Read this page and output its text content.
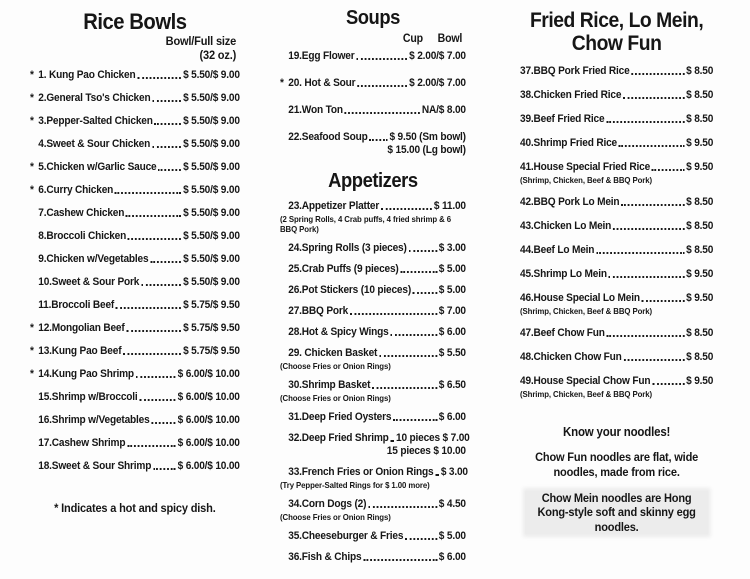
Rice Bowls
Bowl/Full size
(32 oz.)
* 1. Kung Pao Chicken	$ 5.50/$ 9.00
* 2.General Tso's Chicken	$ 5.50/$ 9.00
* 3.Pepper-Salted Chicken	$ 5.50/$ 9.00
4.Sweet & Sour Chicken	$ 5.50/$ 9.00
* 5.Chicken w/Garlic Sauce $ 5.50/$ 9.00
* 6.Curry Chicken	$ 5.50/$ 9.00
7.Cashew Chicken	$ 5.50/$ 9.00
8.Broccoli Chicken	$ 5.50/$ 9.00
9.Chicken w/Vegetables	$ 5.50/$ 9.00
10.Sweet & Sour Pork	$ 5.50/$ 9.00
11.Broccoli Beef	$ 5.75/$ 9.50
* 12.Mongolian Beef	$ 5.75/$ 9.50
* 13.Kung Pao Beef	$ 5.75/$ 9.50
* 14.Kung Pao Shrimp	$ 6.00/$ 10.00
15.Shrimp w/Broccoli	$ 6.00/$ 10.00
16.Shrimp w/Vegetables	$ 6.00/$ 10.00
17.Cashew Shrimp	$ 6.00/$ 10.00
18.Sweet & Sour Shrimp $ 6.00/$ 10.00
* Indicates a hot and spicy dish.
Soups
Cup Bowl
19.Egg Flower	$ 2.00/$ 7.00
* 20. Hot & Sour	$ 2.00/$ 7.00
21.Won Ton	NA/$ 8.00
22.Seafood Soup $ 9.50 (Sm bowl)
$ 15.00 (Lg bowl)
Appetizers
23.Appetizer Platter	$ 11.00
(2 Spring Rolls, 4 Crab puffs, 4 fried shrimp & 6 BBQ Pork)
24.Spring Rolls (3 pieces)	$ 3.00
25.Crab Puffs (9 pieces)	$ 5.00
26.Pot Stickers (10 pieces)	$ 5.00
27.BBQ Pork	$ 7.00
28.Hot & Spicy Wings	$ 6.00
29. Chicken Basket	$ 5.50
(Choose Fries or Onion Rings)
30.Shrimp Basket	$ 6.50
(Choose Fries or Onion Rings)
31.Deep Fried Oysters	$ 6.00
32.Deep Fried Shrimp 10 pieces $ 7.00
15 pieces $ 10.00
33.French Fries or Onion Rings $ 3.00
(Try Pepper-Salted Rings for $ 1.00 more)
34.Corn Dogs (2)	$ 4.50
(Choose Fries or Onion Rings)
35.Cheeseburger & Fries	$ 5.00
36.Fish & Chips	$ 6.00
Fried Rice, Lo Mein,
Chow Fun
37.BBQ Pork Fried Rice	$ 8.50
38.Chicken Fried Rice	$ 8.50
39.Beef Fried Rice	$ 8.50
40.Shrimp Fried Rice	$ 9.50
41.House Special Fried Rice	$ 9.50
(Shrimp, Chicken, Beef & BBQ Pork)
42.BBQ Pork Lo Mein	$ 8.50
43.Chicken Lo Mein	$ 8.50
44.Beef Lo Mein	$ 8.50
45.Shrimp Lo Mein	$ 9.50
46.House Special Lo Mein	$ 9.50
(Shrimp, Chicken, Beef & BBQ Pork)
47.Beef Chow Fun	$ 8.50
48.Chicken Chow Fun	$ 8.50
49.House Special Chow Fun	$ 9.50
(Shrimp, Chicken, Beef & BBQ Pork)
Know your noodles!
Chow Fun noodles are flat, wide noodles, made from rice.
Chow Mein noodles are Hong Kong-style soft and skinny egg noodles.
